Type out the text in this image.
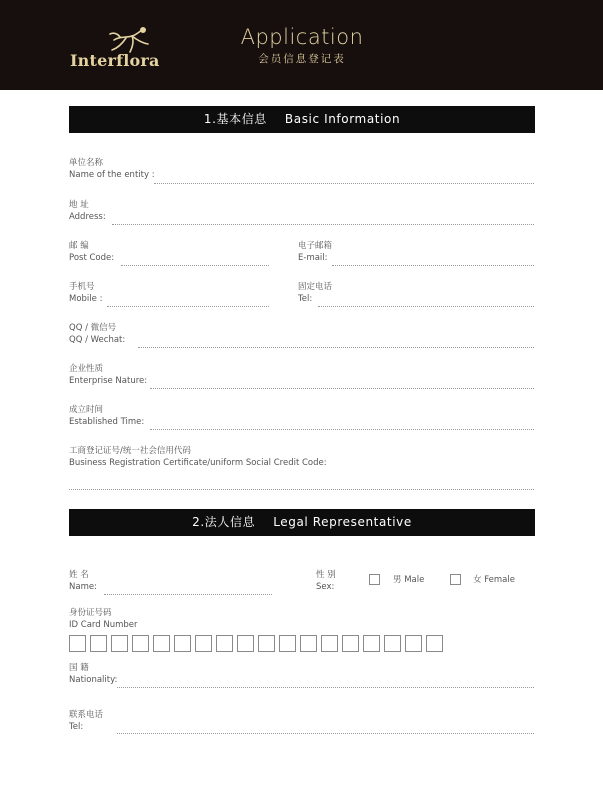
Interflora
Application
会员信息登记表
1.基本信息 Basic Information
单位名称
Name of the entity :
地 址
Address:
邮 编
Post Code:
电子邮箱
E-mail:
手机号
Mobile :
固定电话
Tel:
QQ / 微信号
QQ / Wechat:
企业性质
Enterprise Nature:
成立时间
Established Time:
工商登记证号/统一社会信用代码
Business Registration Certificate/uniform Social Credit Code:
2.法人信息 Legal Representative
姓 名
Name:
性 别
Sex:
男 Male	女 Female
身份证号码
ID Card Number
国 籍
Nationality:
联系电话
Tel:
